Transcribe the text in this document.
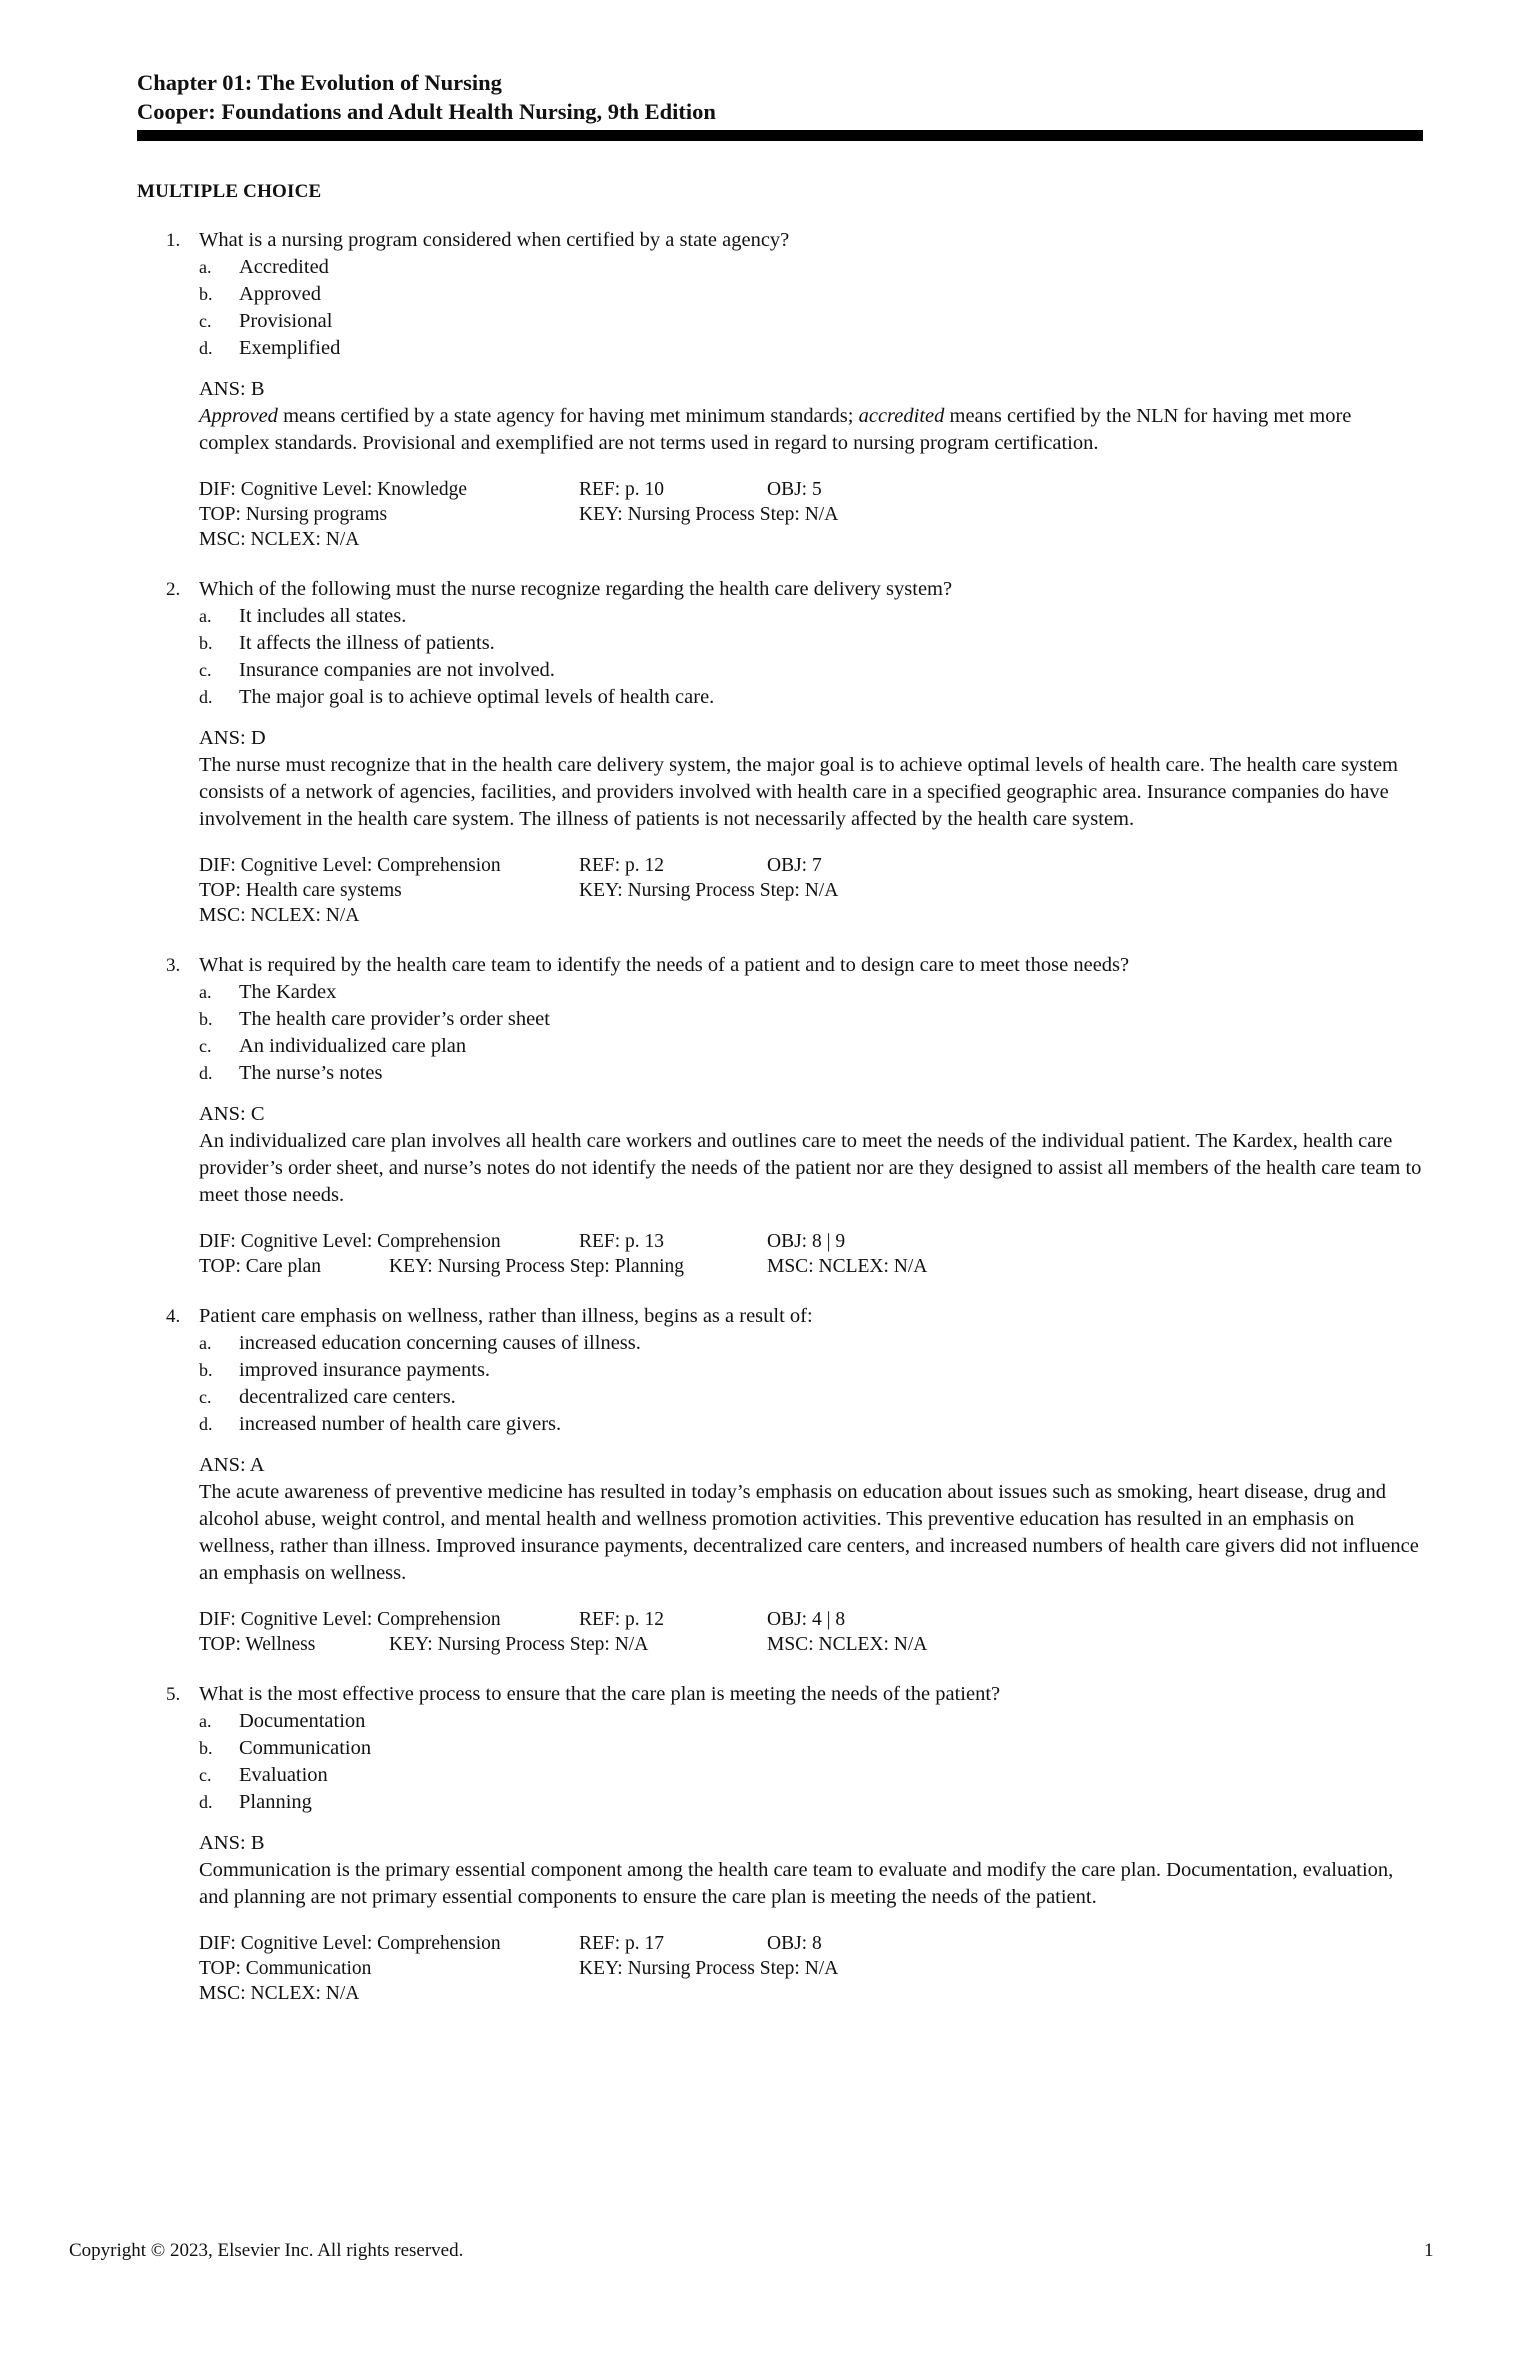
Chapter 01: The Evolution of Nursing
Cooper: Foundations and Adult Health Nursing, 9th Edition
MULTIPLE CHOICE
1. What is a nursing program considered when certified by a state agency?
a. Accredited
b. Approved
c. Provisional
d. Exemplified
ANS: B
Approved means certified by a state agency for having met minimum standards; accredited means certified by the NLN for having met more complex standards. Provisional and exemplified are not terms used in regard to nursing program certification.
DIF: Cognitive Level: Knowledge	REF: p. 10	OBJ: 5
TOP: Nursing programs	KEY: Nursing Process Step: N/A
MSC: NCLEX: N/A
2. Which of the following must the nurse recognize regarding the health care delivery system?
a. It includes all states.
b. It affects the illness of patients.
c. Insurance companies are not involved.
d. The major goal is to achieve optimal levels of health care.
ANS: D
The nurse must recognize that in the health care delivery system, the major goal is to achieve optimal levels of health care. The health care system consists of a network of agencies, facilities, and providers involved with health care in a specified geographic area. Insurance companies do have involvement in the health care system. The illness of patients is not necessarily affected by the health care system.
DIF: Cognitive Level: Comprehension	REF: p. 12	OBJ: 7
TOP: Health care systems	KEY: Nursing Process Step: N/A
MSC: NCLEX: N/A
3. What is required by the health care team to identify the needs of a patient and to design care to meet those needs?
a. The Kardex
b. The health care provider’s order sheet
c. An individualized care plan
d. The nurse’s notes
ANS: C
An individualized care plan involves all health care workers and outlines care to meet the needs of the individual patient. The Kardex, health care provider’s order sheet, and nurse’s notes do not identify the needs of the patient nor are they designed to assist all members of the health care team to meet those needs.
DIF: Cognitive Level: Comprehension	REF: p. 13	OBJ: 8 | 9
TOP: Care plan	KEY: Nursing Process Step: Planning	MSC: NCLEX: N/A
4. Patient care emphasis on wellness, rather than illness, begins as a result of:
a. increased education concerning causes of illness.
b. improved insurance payments.
c. decentralized care centers.
d. increased number of health care givers.
ANS: A
The acute awareness of preventive medicine has resulted in today’s emphasis on education about issues such as smoking, heart disease, drug and alcohol abuse, weight control, and mental health and wellness promotion activities. This preventive education has resulted in an emphasis on wellness, rather than illness. Improved insurance payments, decentralized care centers, and increased numbers of health care givers did not influence an emphasis on wellness.
DIF: Cognitive Level: Comprehension	REF: p. 12	OBJ: 4 | 8
TOP: Wellness	KEY: Nursing Process Step: N/A	MSC: NCLEX: N/A
5. What is the most effective process to ensure that the care plan is meeting the needs of the patient?
a. Documentation
b. Communication
c. Evaluation
d. Planning
ANS: B
Communication is the primary essential component among the health care team to evaluate and modify the care plan. Documentation, evaluation, and planning are not primary essential components to ensure the care plan is meeting the needs of the patient.
DIF: Cognitive Level: Comprehension	REF: p. 17	OBJ: 8
TOP: Communication	KEY: Nursing Process Step: N/A
MSC: NCLEX: N/A
Copyright © 2023, Elsevier Inc. All rights reserved.	1
